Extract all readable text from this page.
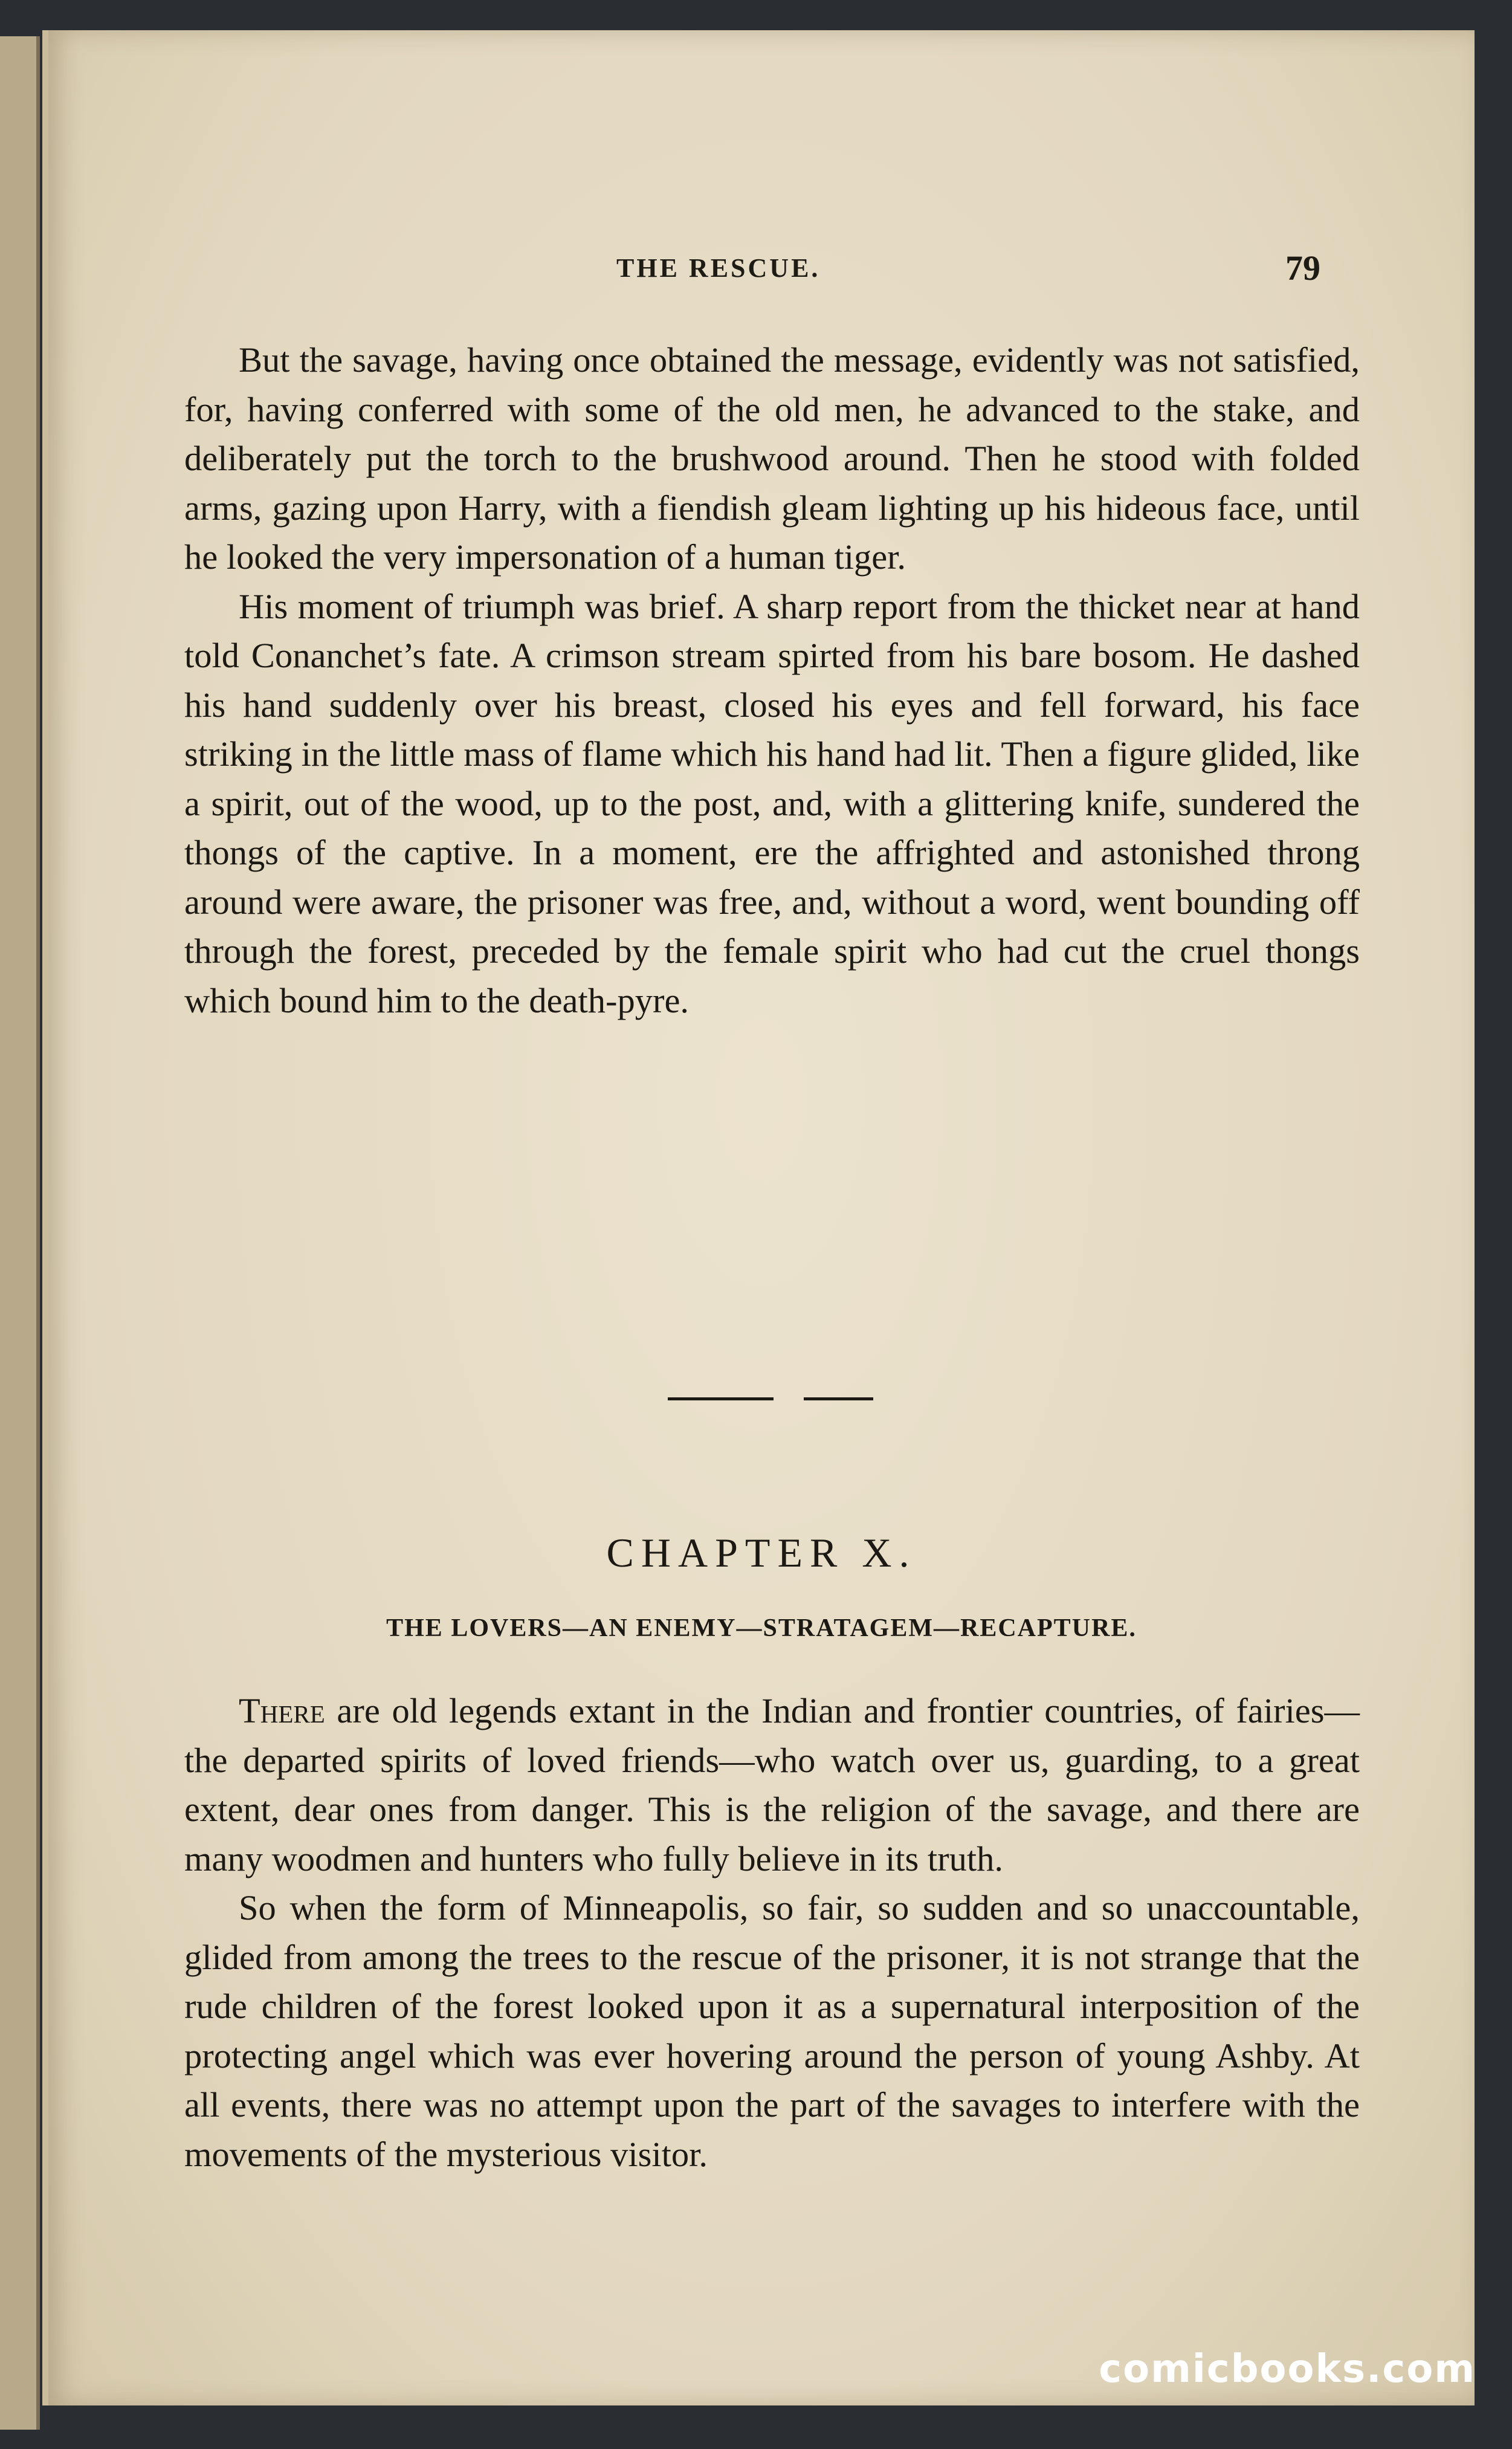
THE RESCUE.	79

But the savage, having once obtained the message, evidently was not satisfied, for, having conferred with some of the old men, he advanced to the stake, and deliberately put the torch to the brushwood around. Then he stood with folded arms, gazing upon Harry, with a fiendish gleam lighting up his hideous face, until he looked the very impersonation of a human tiger.

His moment of triumph was brief. A sharp report from the thicket near at hand told Conanchet’s fate. A crimson stream spirted from his bare bosom. He dashed his hand suddenly over his breast, closed his eyes and fell forward, his face striking in the little mass of flame which his hand had lit. Then a figure glided, like a spirit, out of the wood, up to the post, and, with a glittering knife, sundered the thongs of the captive. In a moment, ere the affrighted and astonished throng around were aware, the prisoner was free, and, without a word, went bounding off through the forest, preceded by the female spirit who had cut the cruel thongs which bound him to the death-pyre.

CHAPTER X.
THE LOVERS—AN ENEMY—STRATAGEM—RECAPTURE.

There are old legends extant in the Indian and frontier countries, of fairies—the departed spirits of loved friends—who watch over us, guarding, to a great extent, dear ones from danger. This is the religion of the savage, and there are many woodmen and hunters who fully believe in its truth.

So when the form of Minneapolis, so fair, so sudden and so unaccountable, glided from among the trees to the rescue of the prisoner, it is not strange that the rude children of the forest looked upon it as a supernatural interposition of the protecting angel which was ever hovering around the person of young Ashby. At all events, there was no attempt upon the part of the savages to interfere with the movements of the mysterious visitor.

comicbooks.com
